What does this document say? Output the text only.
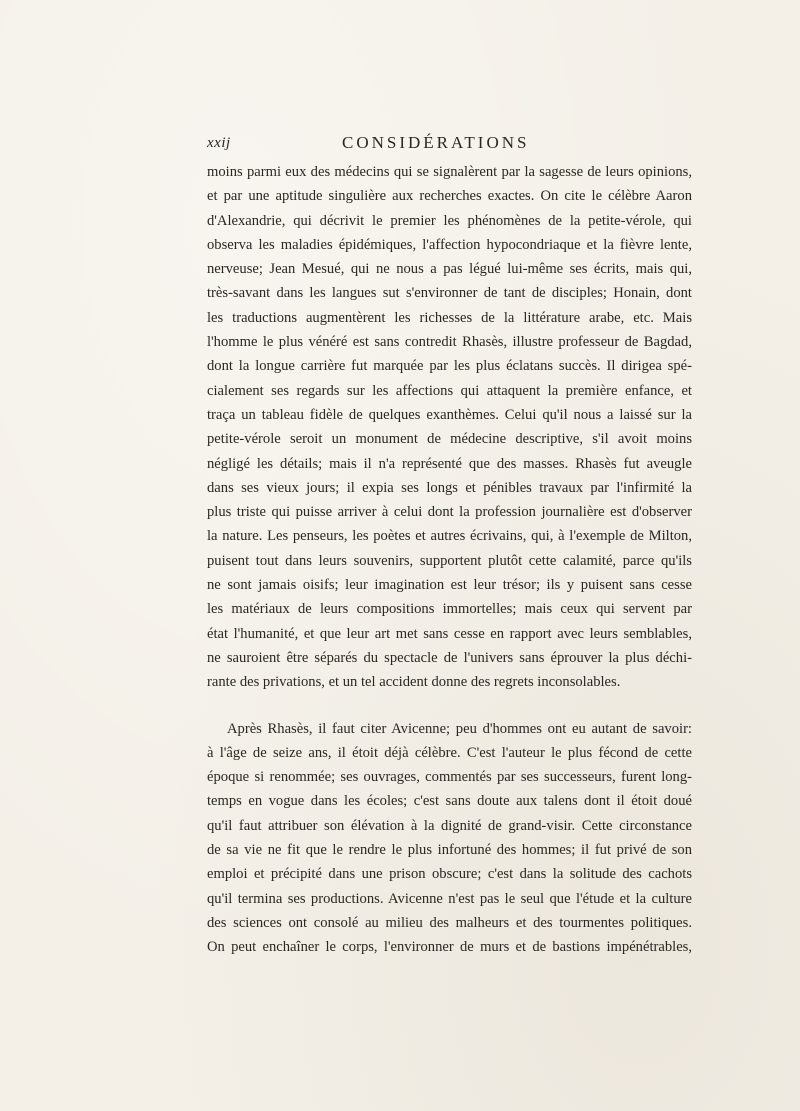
xxij	CONSIDÉRATIONS
moins parmi eux des médecins qui se signalèrent par la sagesse de leurs opinions,
et par une aptitude singulière aux recherches exactes. On cite le célèbre Aaron
d'Alexandrie, qui décrivit le premier les phénomènes de la petite-vérole, qui
observa les maladies épidémiques, l'affection hypocondriaque et la fièvre lente,
nerveuse; Jean Mesué, qui ne nous a pas légué lui-même ses écrits, mais qui,
très-savant dans les langues sut s'environner de tant de disciples; Honain, dont
les traductions augmentèrent les richesses de la littérature arabe, etc. Mais
l'homme le plus vénéré est sans contredit Rhasès, illustre professeur de Bagdad,
dont la longue carrière fut marquée par les plus éclatans succès. Il dirigea spé-
cialement ses regards sur les affections qui attaquent la première enfance, et
traça un tableau fidèle de quelques exanthèmes. Celui qu'il nous a laissé sur la
petite-vérole seroit un monument de médecine descriptive, s'il avoit moins
négligé les détails; mais il n'a représenté que des masses. Rhasès fut aveugle
dans ses vieux jours; il expia ses longs et pénibles travaux par l'infirmité la
plus triste qui puisse arriver à celui dont la profession journalière est d'observer
la nature. Les penseurs, les poètes et autres écrivains, qui, à l'exemple de Milton,
puisent tout dans leurs souvenirs, supportent plutôt cette calamité, parce qu'ils
ne sont jamais oisifs; leur imagination est leur trésor; ils y puisent sans cesse
les matériaux de leurs compositions immortelles; mais ceux qui servent par
état l'humanité, et que leur art met sans cesse en rapport avec leurs semblables,
ne sauroient être séparés du spectacle de l'univers sans éprouver la plus déchi-
rante des privations, et un tel accident donne des regrets inconsolables.
Après Rhasès, il faut citer Avicenne; peu d'hommes ont eu autant de savoir:
à l'âge de seize ans, il étoit déjà célèbre. C'est l'auteur le plus fécond de cette
époque si renommée; ses ouvrages, commentés par ses successeurs, furent long-
temps en vogue dans les écoles; c'est sans doute aux talens dont il étoit doué
qu'il faut attribuer son élévation à la dignité de grand-visir. Cette circonstance
de sa vie ne fit que le rendre le plus infortuné des hommes; il fut privé de son
emploi et précipité dans une prison obscure; c'est dans la solitude des cachots
qu'il termina ses productions. Avicenne n'est pas le seul que l'étude et la culture
des sciences ont consolé au milieu des malheurs et des tourmentes politiques.
On peut enchaîner le corps, l'environner de murs et de bastions impénétrables,
